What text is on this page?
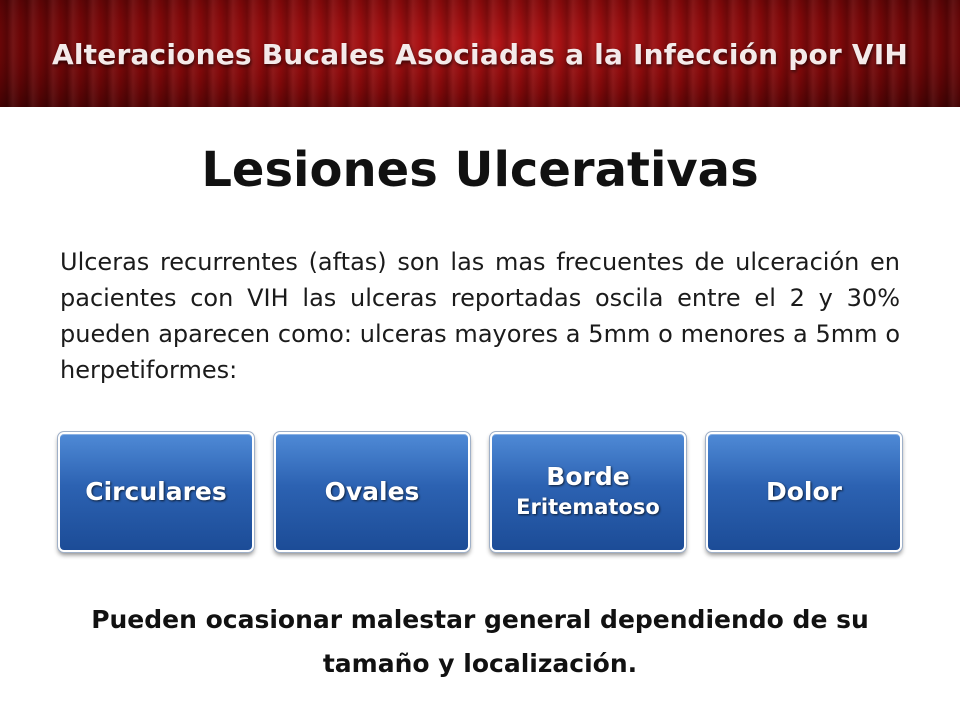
Alteraciones Bucales Asociadas a la Infección por VIH
Lesiones Ulcerativas
Ulceras recurrentes (aftas) son las mas frecuentes de ulceración en pacientes con VIH las ulceras reportadas oscila entre el 2 y 30% pueden aparecen como: ulceras mayores a 5mm o menores a 5mm o herpetiformes:
Circulares	Ovales
Borde
Eritematoso
Dolor
Pueden ocasionar malestar general dependiendo de su tamaño y localización.
